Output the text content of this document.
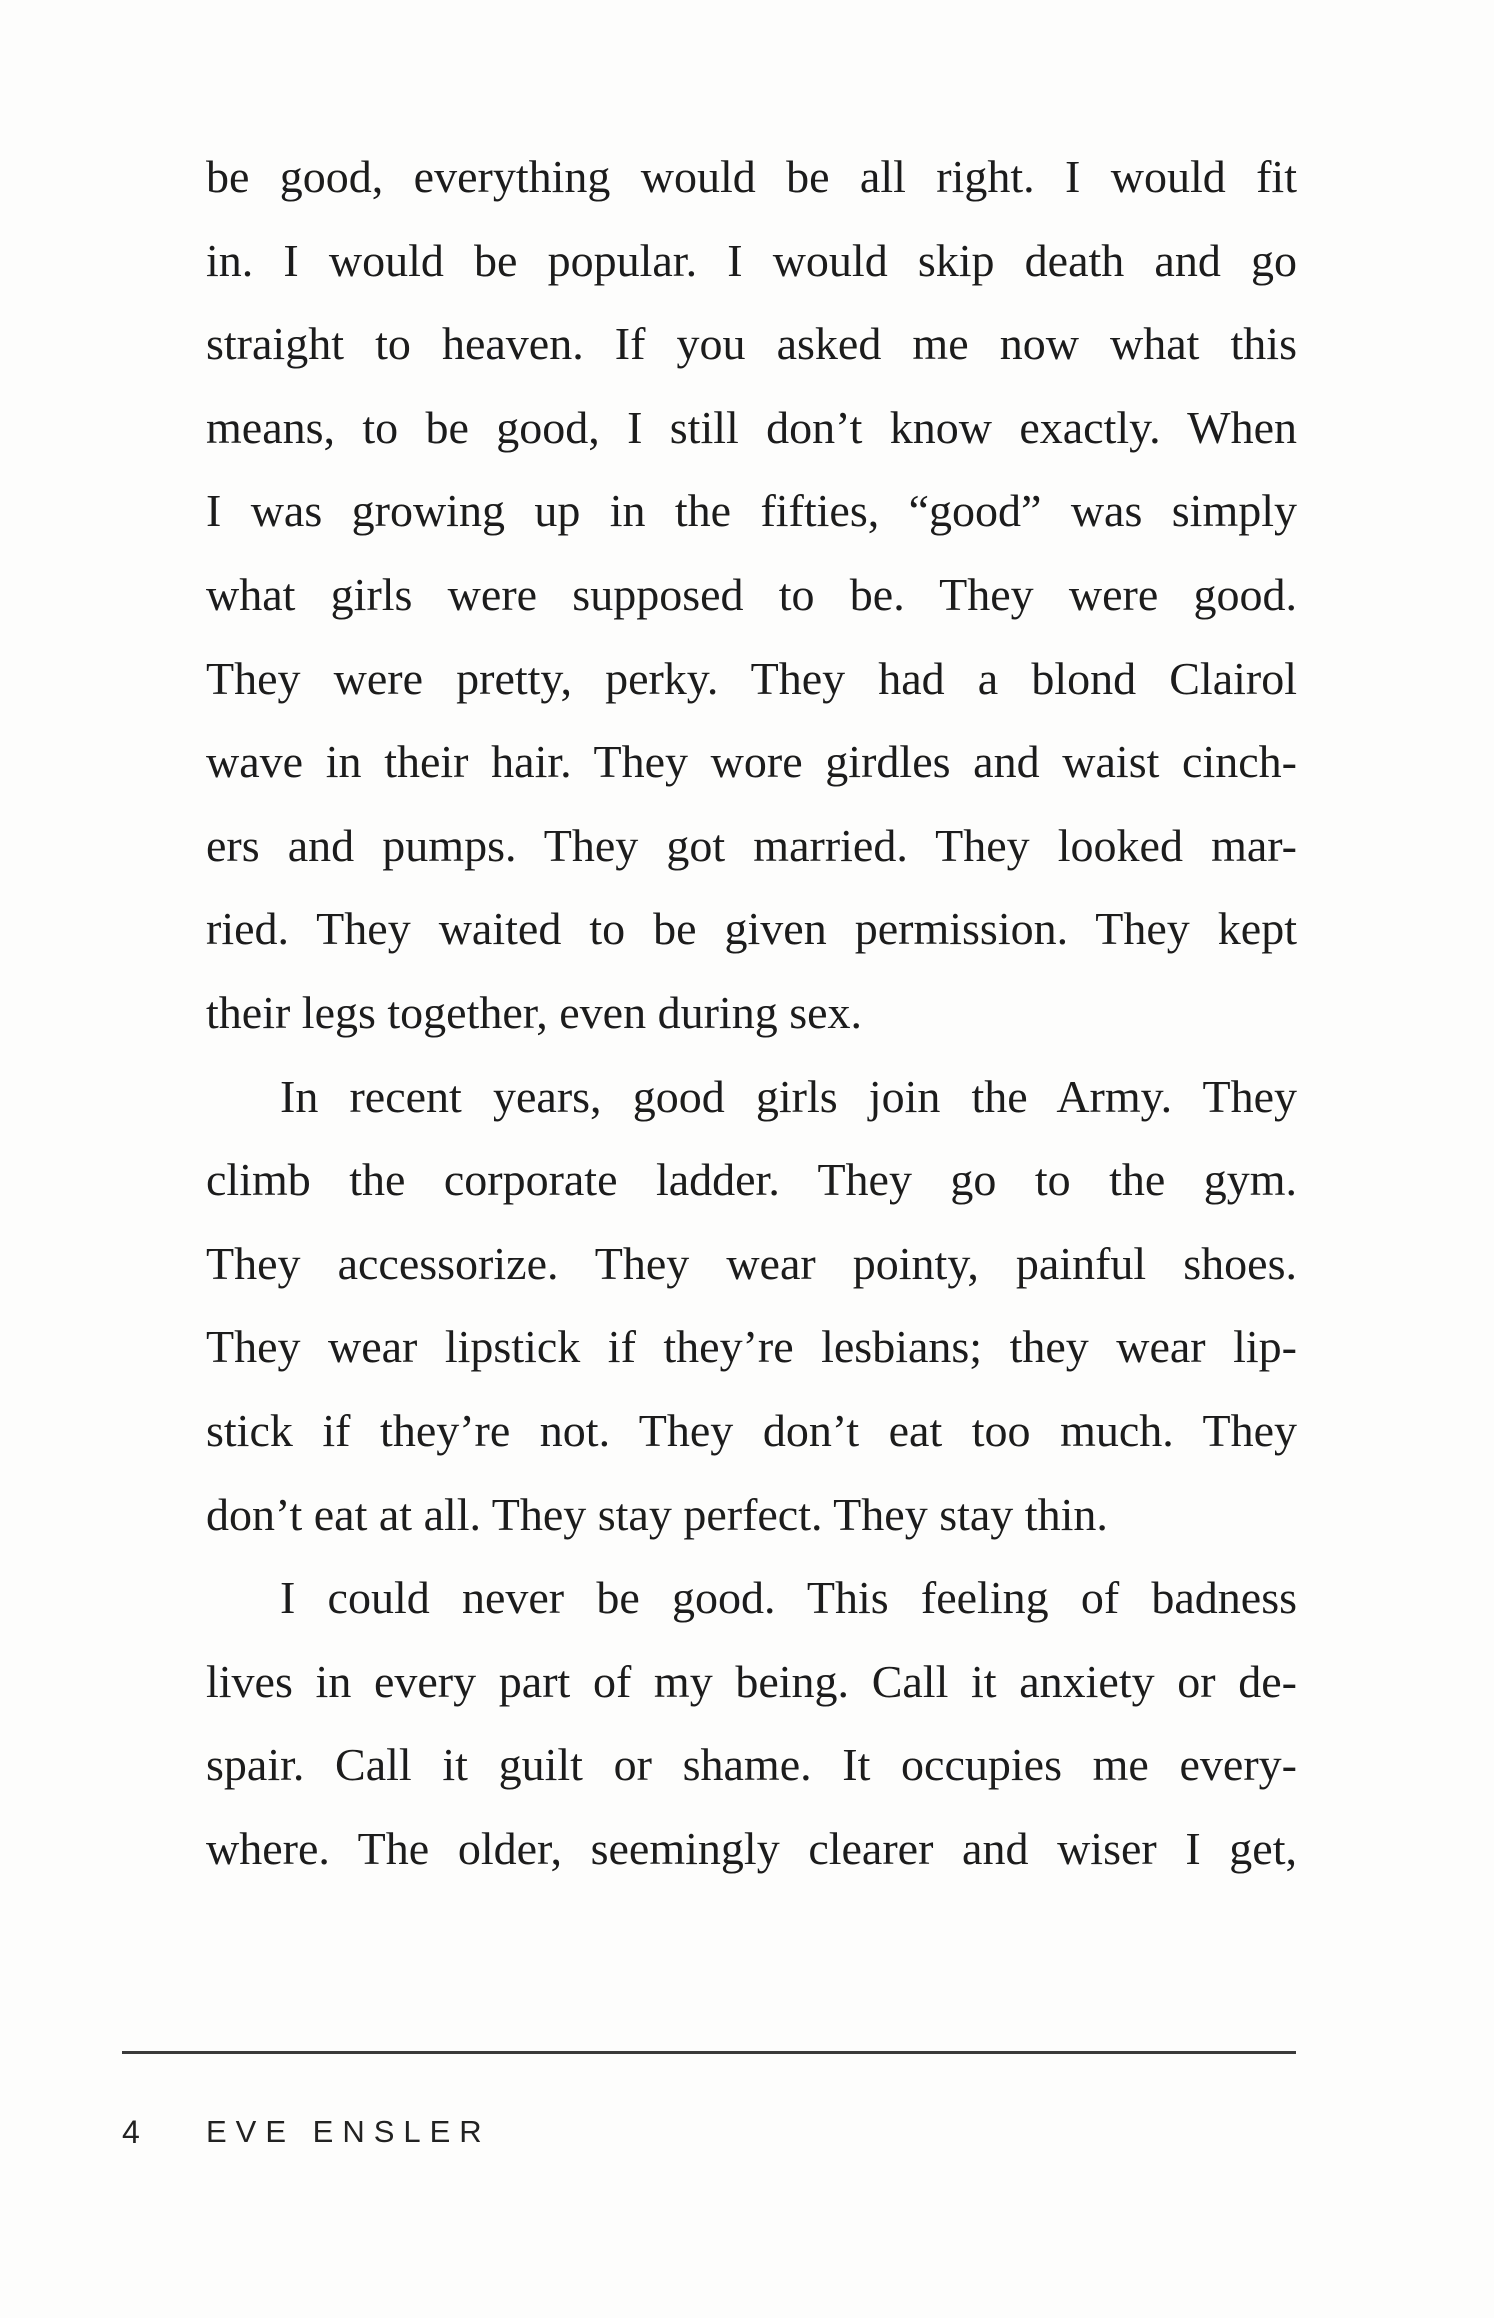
be good, everything would be all right. I would fit
in. I would be popular. I would skip death and go
straight to heaven. If you asked me now what this
means, to be good, I still don’t know exactly. When
I was growing up in the fifties, “good” was simply
what girls were supposed to be. They were good.
They were pretty, perky. They had a blond Clairol
wave in their hair. They wore girdles and waist cinch-
ers and pumps. They got married. They looked mar-
ried. They waited to be given permission. They kept
their legs together, even during sex.
In recent years, good girls join the Army. They
climb the corporate ladder. They go to the gym.
They accessorize. They wear pointy, painful shoes.
They wear lipstick if they’re lesbians; they wear lip-
stick if they’re not. They don’t eat too much. They
don’t eat at all. They stay perfect. They stay thin.
I could never be good. This feeling of badness
lives in every part of my being. Call it anxiety or de-
spair. Call it guilt or shame. It occupies me every-
where. The older, seemingly clearer and wiser I get,
4 EVE ENSLER
